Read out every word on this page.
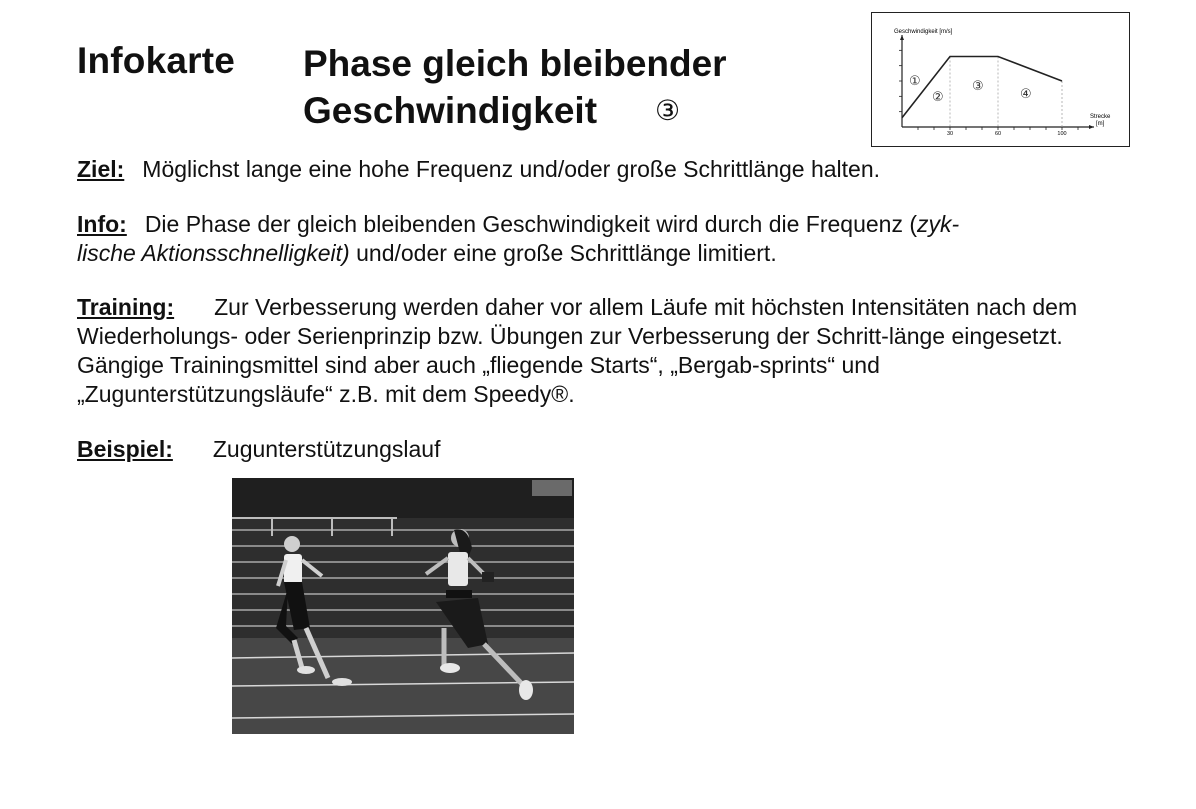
Infokarte Phase gleich bleibender
Geschwindigkeit ③
Geschwindigkeit [m/s]
30	60	100
Strecke
[m]
①
②
③
④
Ziel: Möglichst lange eine hohe Frequenz und/oder große Schrittlänge halten.
Info: Die Phase der gleich bleibenden Geschwindigkeit wird durch die Frequenz (zyk-
lische Aktionsschnelligkeit) und/oder eine große Schrittlänge limitiert.
Training: Zur Verbesserung werden daher vor allem Läufe mit höchsten Intensitäten nach dem Wiederholungs- oder Serienprinzip bzw. Übungen zur Verbesserung der Schritt-länge eingesetzt. Gängige Trainingsmittel sind aber auch „fliegende Starts“, „Bergab-sprints“ und „Zugunterstützungsläufe“ z.B. mit dem Speedy®.
Beispiel: Zugunterstützungslauf
